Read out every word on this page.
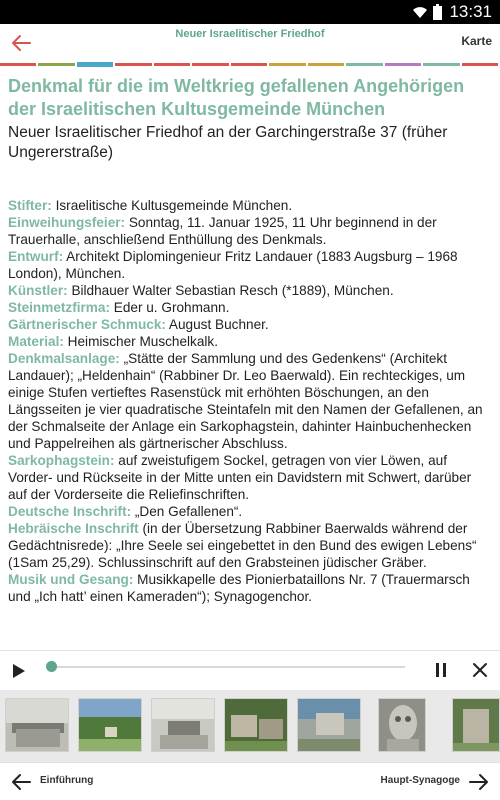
13:31
Neuer Israelitischer Friedhof	Karte
Denkmal für die im Weltkrieg gefallenen Angehörigen der Israelitischen Kultusgemeinde München
Neuer Israelitischer Friedhof an der Garchingerstraße 37 (früher Ungererstraße)
Stifter: Israelitische Kultusgemeinde München.
Einweihungsfeier: Sonntag, 11. Januar 1925, 11 Uhr beginnend in der Trauerhalle, anschließend Enthüllung des Denkmals.
Entwurf: Architekt Diplomingenieur Fritz Landauer (1883 Augsburg – 1968 London), München.
Künstler: Bildhauer Walter Sebastian Resch (*1889), München.
Steinmetzfirma: Eder u. Grohmann.
Gärtnerischer Schmuck: August Buchner.
Material: Heimischer Muschelkalk.
Denkmalsanlage: „Stätte der Sammlung und des Gedenkens“ (Architekt Landauer); „Heldenhain“ (Rabbiner Dr. Leo Baerwald). Ein rechteckiges, um einige Stufen vertieftes Rasenstück mit erhöhten Böschungen, an den Längsseiten je vier quadratische Steintafeln mit den Namen der Gefallenen, an der Schmalseite der Anlage ein Sarkophagstein, dahinter Hainbuchenhecken und Pappelreihen als gärtnerischer Abschluss.
Sarkophagstein: auf zweistufigem Sockel, getragen von vier Löwen, auf Vorder- und Rückseite in der Mitte unten ein Davidstern mit Schwert, darüber auf der Vorderseite die Reliefinschriften.
Deutsche Inschrift: „Den Gefallenen“.
Hebräische Inschrift (in der Übersetzung Rabbiner Baerwalds während der Gedächtnisrede): „Ihre Seele sei eingebettet in den Bund des ewigen Lebens“ (1Sam 25,29). Schlussinschrift auf den Grabsteinen jüdischer Gräber.
Musik und Gesang: Musikkapelle des Pionierbataillons Nr. 7 (Trauermarsch und „Ich hatt’ einen Kameraden“); Synagogenchor.
Einführung	Haupt-Synagoge
